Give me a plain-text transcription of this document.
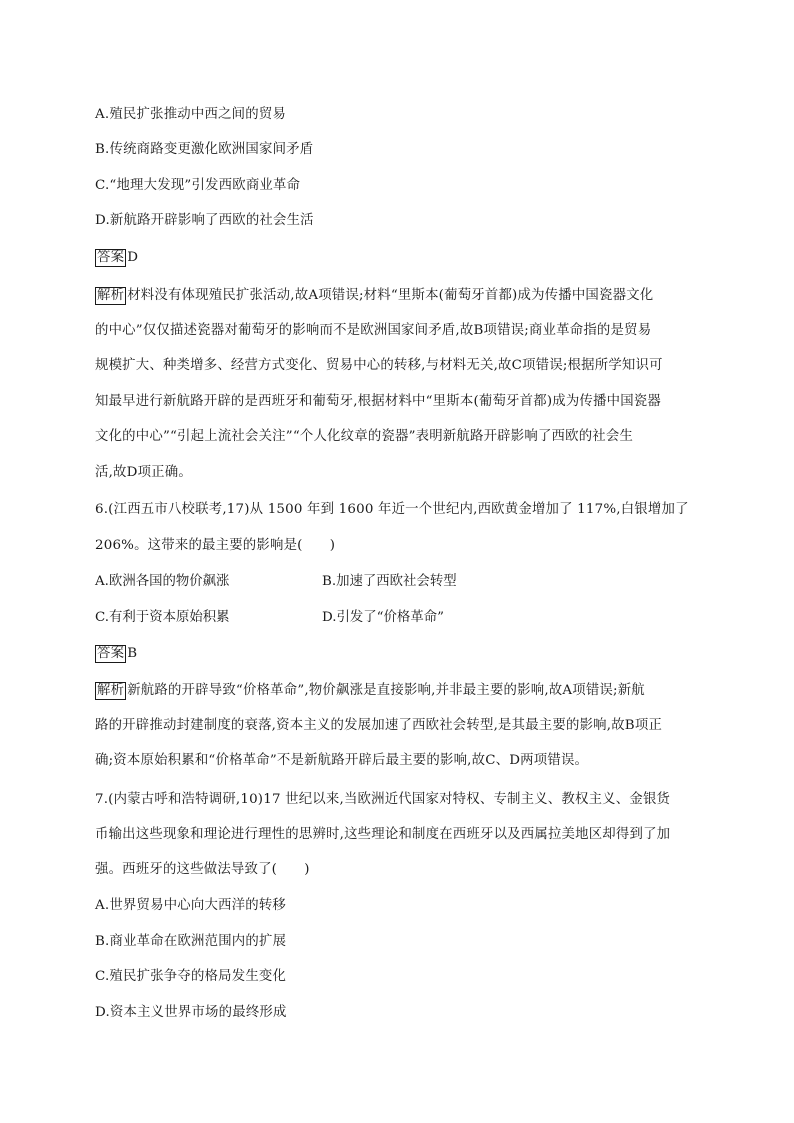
A.殖民扩张推动中西之间的贸易
B.传统商路变更激化欧洲国家间矛盾
C.“地理大发现”引发西欧商业革命
D.新航路开辟影响了西欧的社会生活
答案 D
解析 材料没有体现殖民扩张活动,故A项错误;材料“里斯本(葡萄牙首都)成为传播中国瓷器文化
的中心”仅仅描述瓷器对葡萄牙的影响而不是欧洲国家间矛盾,故B项错误;商业革命指的是贸易
规模扩大、种类增多、经营方式变化、贸易中心的转移,与材料无关,故C项错误;根据所学知识可
知最早进行新航路开辟的是西班牙和葡萄牙,根据材料中“里斯本(葡萄牙首都)成为传播中国瓷器
文化的中心”“引起上流社会关注”“个人化纹章的瓷器”表明新航路开辟影响了西欧的社会生
活,故D项正确。
6.(江西五市八校联考,17)从 1500 年到 1600 年近一个世纪内,西欧黄金增加了 117%,白银增加了
206%。这带来的最主要的影响是(　　)
A.欧洲各国的物价飙涨	B.加速了西欧社会转型
C.有利于资本原始积累	D.引发了“价格革命”
答案 B
解析 新航路的开辟导致“价格革命”,物价飙涨是直接影响,并非最主要的影响,故A项错误;新航
路的开辟推动封建制度的衰落,资本主义的发展加速了西欧社会转型,是其最主要的影响,故B项正
确;资本原始积累和“价格革命”不是新航路开辟后最主要的影响,故C、D两项错误。
7.(内蒙古呼和浩特调研,10)17 世纪以来,当欧洲近代国家对特权、专制主义、教权主义、金银货
币输出这些现象和理论进行理性的思辨时,这些理论和制度在西班牙以及西属拉美地区却得到了加
强。西班牙的这些做法导致了(　　)
A.世界贸易中心向大西洋的转移
B.商业革命在欧洲范围内的扩展
C.殖民扩张争夺的格局发生变化
D.资本主义世界市场的最终形成
